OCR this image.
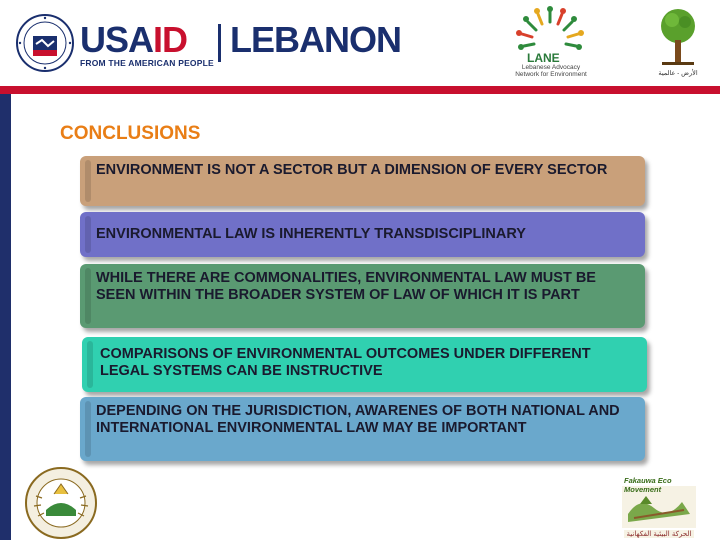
USAID LEBANON
FROM THE AMERICAN PEOPLE	LANE
Lebanese Advocacy Network for Environment	الأرض - عالمية
CONCLUSIONS
ENVIRONMENT IS NOT A SECTOR BUT A DIMENSION OF EVERY SECTOR
ENVIRONMENTAL LAW IS INHERENTLY TRANSDISCIPLINARY
WHILE THERE ARE COMMONALITIES, ENVIRONMENTAL LAW MUST BE SEEN WITHIN THE BROADER SYSTEM OF LAW OF WHICH IT IS PART
COMPARISONS OF ENVIRONMENTAL OUTCOMES UNDER DIFFERENT LEGAL SYSTEMS CAN BE INSTRUCTIVE
DEPENDING ON THE JURISDICTION, AWARENES OF BOTH NATIONAL AND INTERNATIONAL ENVIRONMENTAL LAW MAY BE IMPORTANT
الحركة البيئية الفكهانية
Fakauwa Eco Movement
